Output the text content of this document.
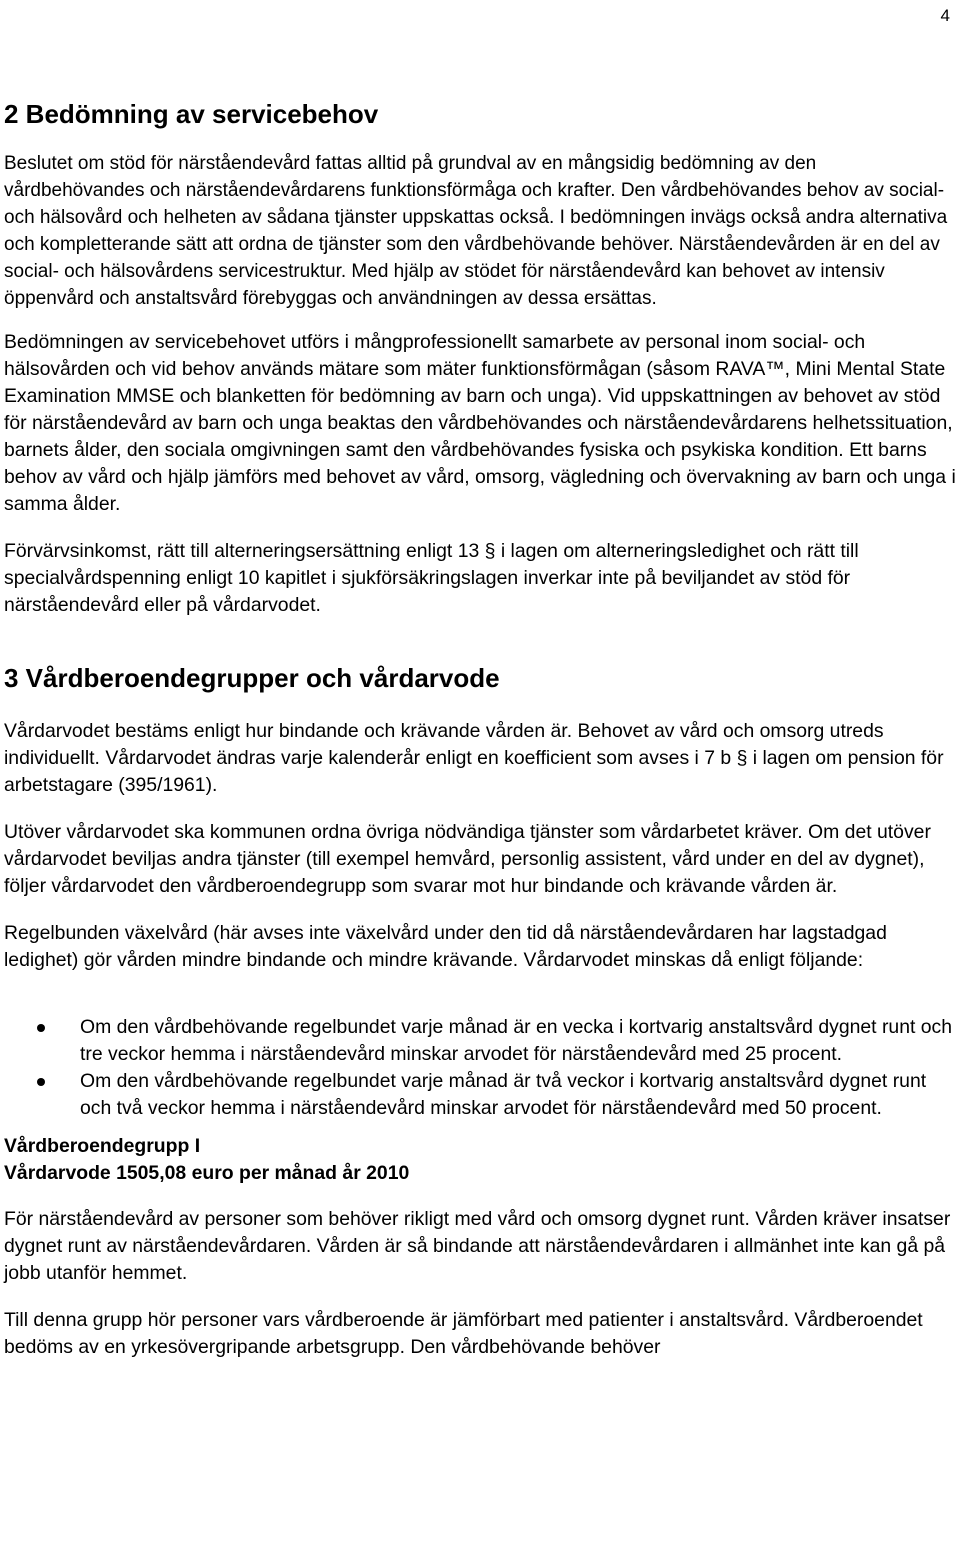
4
2 Bedömning av servicebehov

Beslutet om stöd för närståendevård fattas alltid på grundval av en mångsidig bedömning av den vårdbehövandes och närståendevårdarens funktionsförmåga och krafter. Den vårdbehövandes behov av social- och hälsovård och helheten av sådana tjänster uppskattas också. I bedömningen invägs också andra alternativa och kompletterande sätt att ordna de tjänster som den vårdbehövande behöver. Närståendevården är en del av social- och hälsovårdens servicestruktur. Med hjälp av stödet för närståendevård kan behovet av intensiv öppenvård och anstaltsvård förebyggas och användningen av dessa ersättas.

Bedömningen av servicebehovet utförs i mångprofessionellt samarbete av personal inom social- och hälsovården och vid behov används mätare som mäter funktionsförmågan (såsom RAVA™, Mini Mental State Examination MMSE och blanketten för bedömning av barn och unga). Vid uppskattningen av behovet av stöd för närståendevård av barn och unga beaktas den vårdbehövandes och närståendevårdarens helhetssituation, barnets ålder, den sociala omgivningen samt den vårdbehövandes fysiska och psykiska kondition. Ett barns behov av vård och hjälp jämförs med behovet av vård, omsorg, vägledning och övervakning av barn och unga i samma ålder.

Förvärvsinkomst, rätt till alterneringsersättning enligt 13 § i lagen om alterneringsledighet och rätt till specialvårdspenning enligt 10 kapitlet i sjukförsäkringslagen inverkar inte på beviljandet av stöd för närståendevård eller på vårdarvodet.

3 Vårdberoendegrupper och vårdarvode

Vårdarvodet bestäms enligt hur bindande och krävande vården är. Behovet av vård och omsorg utreds individuellt. Vårdarvodet ändras varje kalenderår enligt en koefficient som avses i 7 b § i lagen om pension för arbetstagare (395/1961).

Utöver vårdarvodet ska kommunen ordna övriga nödvändiga tjänster som vårdarbetet kräver. Om det utöver vårdarvodet beviljas andra tjänster (till exempel hemvård, personlig assistent, vård under en del av dygnet), följer vårdarvodet den vårdberoendegrupp som svarar mot hur bindande och krävande vården är.

Regelbunden växelvård (här avses inte växelvård under den tid då närståendevårdaren har lagstadgad ledighet) gör vården mindre bindande och mindre krävande. Vårdarvodet minskas då enligt följande:

Om den vårdbehövande regelbundet varje månad är en vecka i kortvarig anstaltsvård dygnet runt och tre veckor hemma i närståendevård minskar arvodet för närståendevård med 25 procent.
Om den vårdbehövande regelbundet varje månad är två veckor i kortvarig anstaltsvård dygnet runt och två veckor hemma i närståendevård minskar arvodet för närståendevård med 50 procent.
Vårdberoendegrupp I
Vårdarvode 1505,08 euro per månad år 2010

För närståendevård av personer som behöver rikligt med vård och omsorg dygnet runt. Vården kräver insatser dygnet runt av närståendevårdaren. Vården är så bindande att närståendevårdaren i allmänhet inte kan gå på jobb utanför hemmet.

Till denna grupp hör personer vars vårdberoende är jämförbart med patienter i anstaltsvård. Vårdberoendet bedöms av en yrkesövergripande arbetsgrupp. Den vårdbehövande behöver
